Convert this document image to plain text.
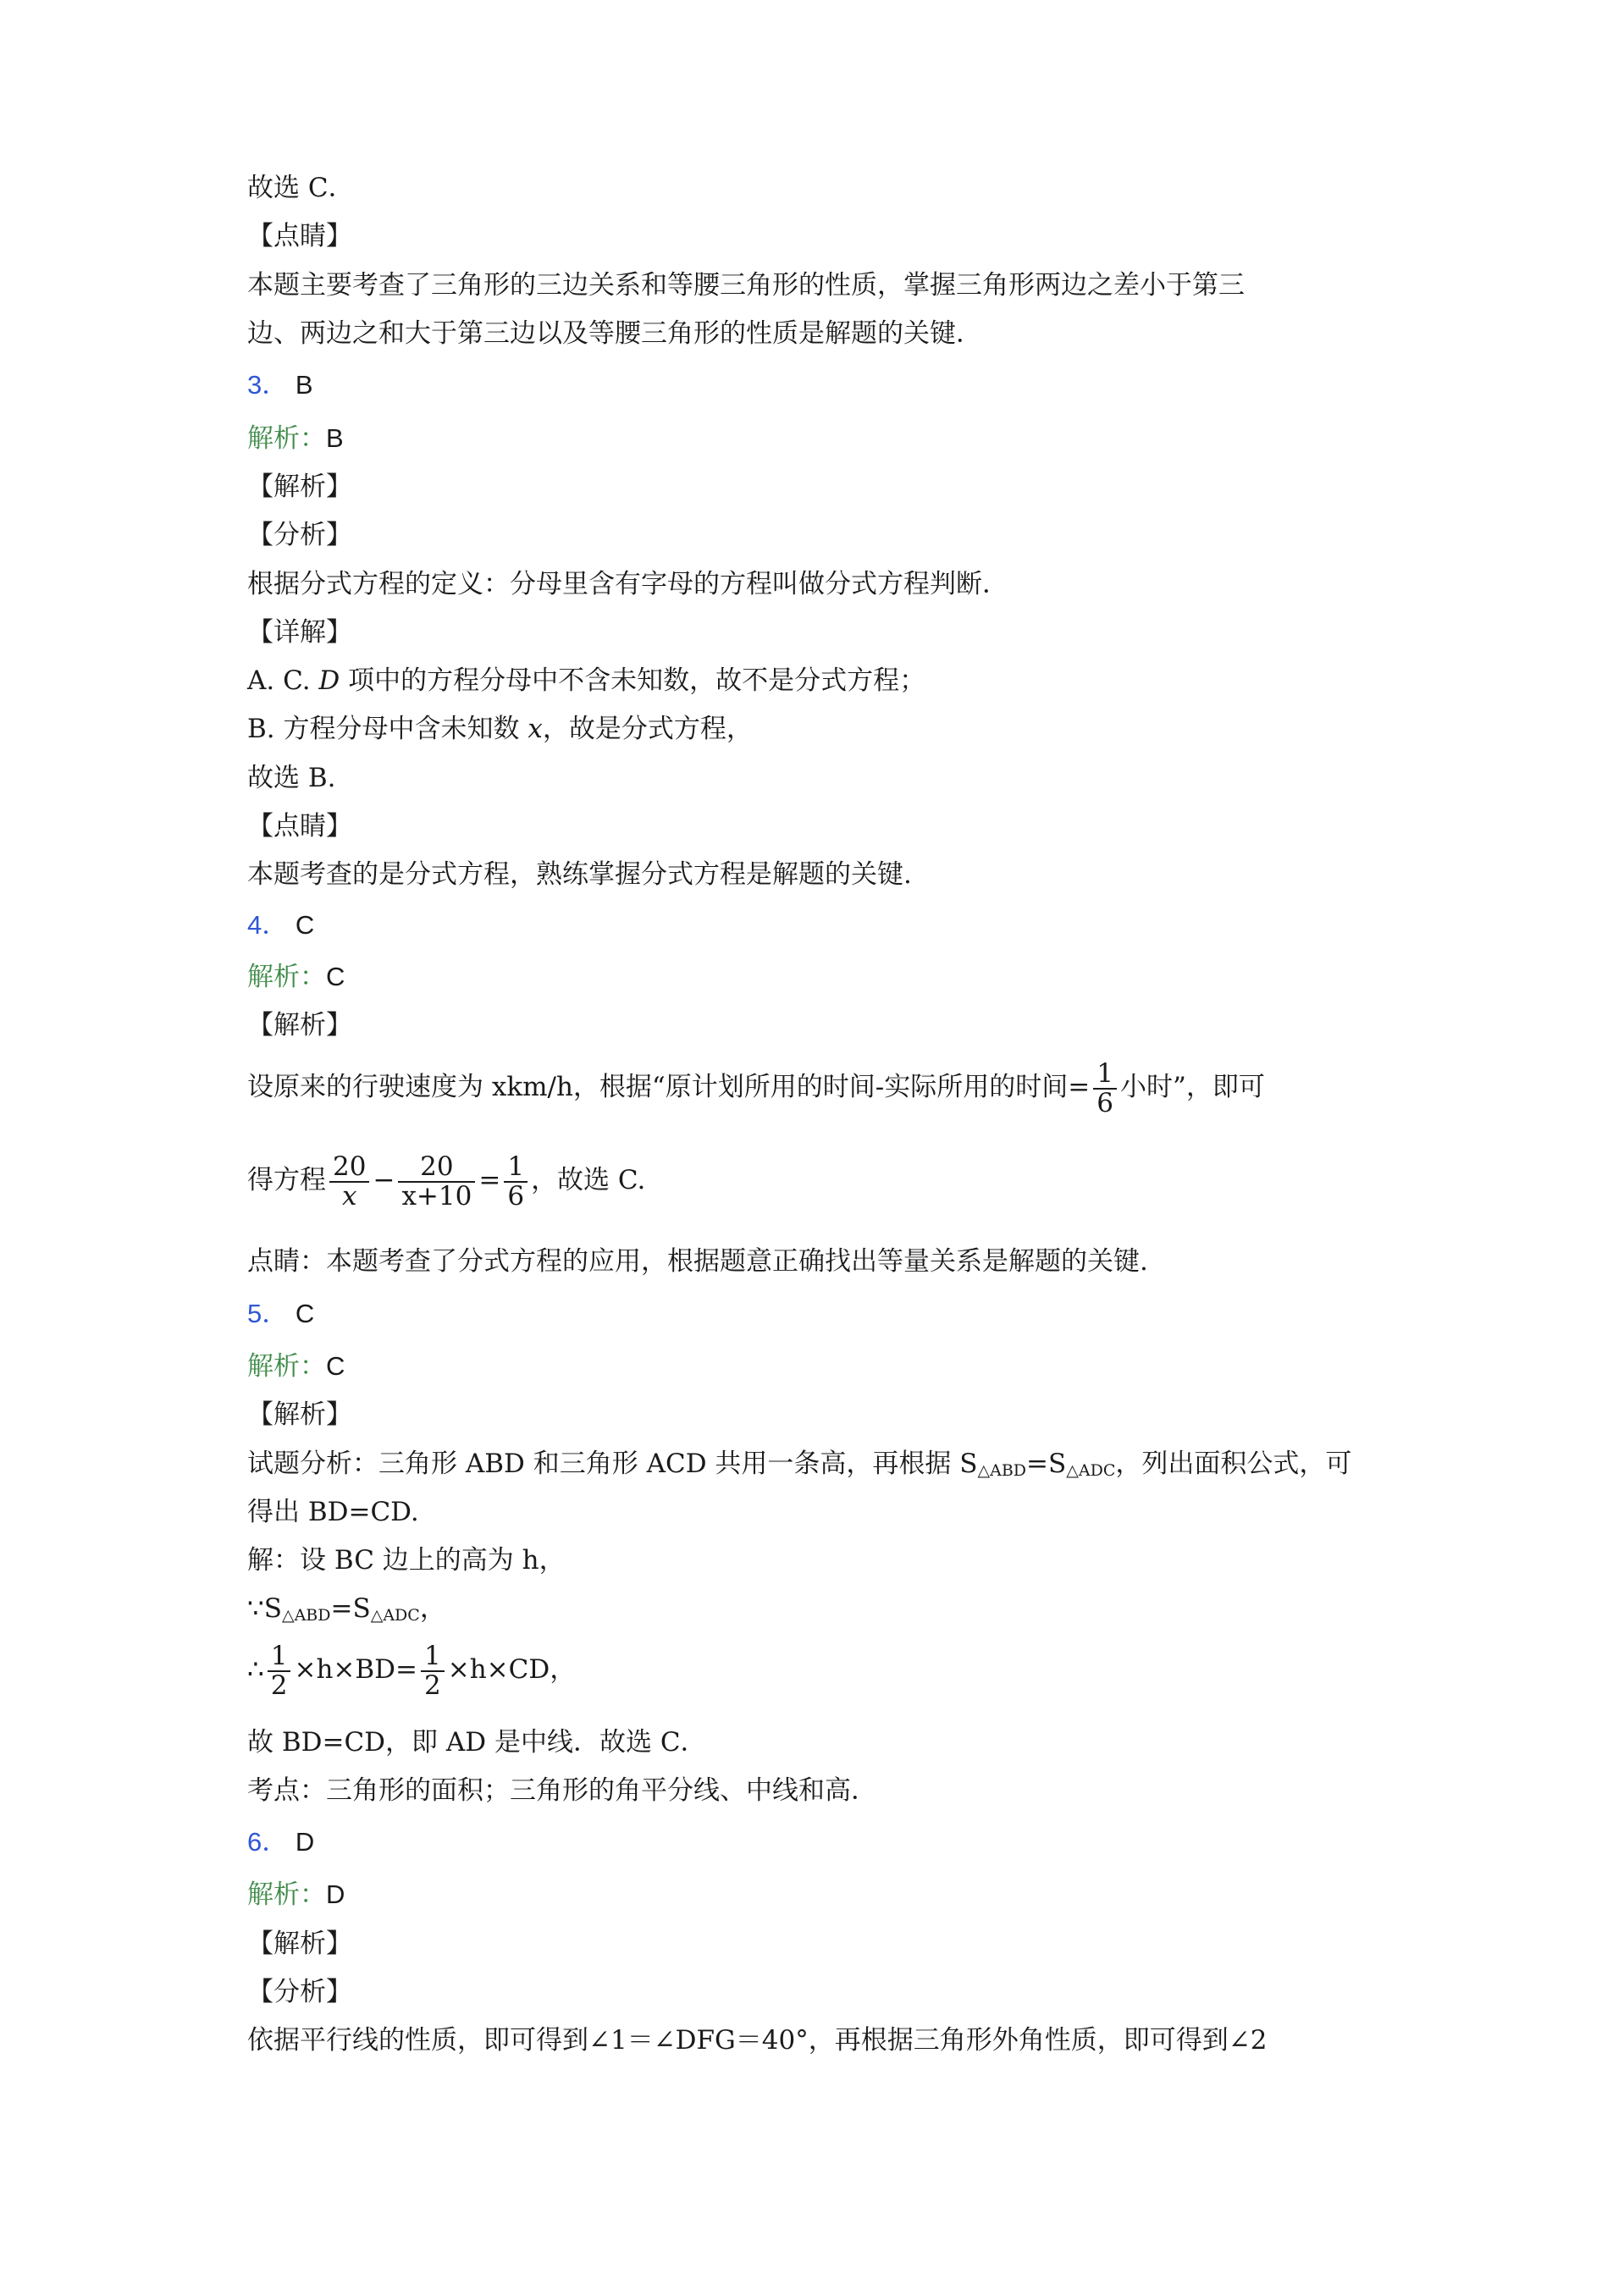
故选 C．
【点睛】
本题主要考查了三角形的三边关系和等腰三角形的性质，掌握三角形两边之差小于第三
边、两边之和大于第三边以及等腰三角形的性质是解题的关键．
3． B
解析：B
【解析】
【分析】
根据分式方程的定义：分母里含有字母的方程叫做分式方程判断．
【详解】
A. C. D 项中的方程分母中不含未知数，故不是分式方程；
B. 方程分母中含未知数 x，故是分式方程，
故选 B.
【点睛】
本题考查的是分式方程，熟练掌握分式方程是解题的关键.
4． C
解析：C
【解析】
设原来的行驶速度为 xkm/h，根据“原计划所用的时间-实际所用的时间= $\frac{1}{6}$ 小时”，即可
得方程 $\frac{20}{x} - \frac{20}{x+10} = \frac{1}{6}$ ，故选 C.
点睛：本题考查了分式方程的应用，根据题意正确找出等量关系是解题的关键.
5． C
解析：C
【解析】
试题分析：三角形 ABD 和三角形 ACD 共用一条高，再根据 $S_{\triangle ABD}=S_{\triangle ADC}$，列出面积公式，可
得出 BD=CD.
解：设 BC 边上的高为 h，
$\because S_{\triangle ABD}=S_{\triangle ADC}$，
∴ $\frac{1}{2} \times h\times BD= \frac{1}{2} \times h\times CD$，
故 BD=CD，即 AD 是中线．故选 C．
考点：三角形的面积；三角形的角平分线、中线和高．
6． D
解析：D
【解析】
【分析】
依据平行线的性质，即可得到∠1＝∠DFG＝40°，再根据三角形外角性质，即可得到∠2
